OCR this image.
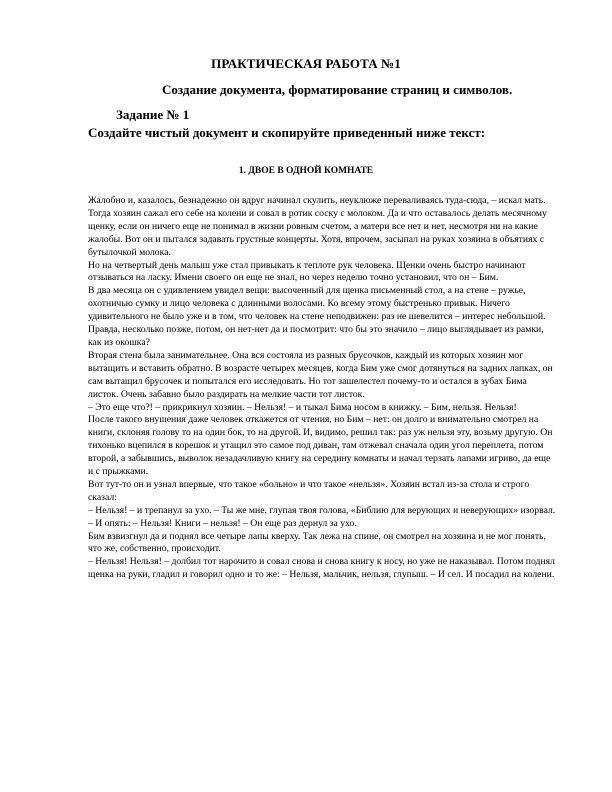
ПРАКТИЧЕСКАЯ РАБОТА №1
Создание документа, форматирование страниц и символов.
Задание № 1
Создайте чистый документ и скопируйте приведенный ниже текст:
1. ДВОЕ В ОДНОЙ КОМНАТЕ

Жалобно и, казалось, безнадежно он вдруг начинал скулить, неуклюже переваливаясь туда-сюда, – искал мать. Тогда хозяин сажал его себе на колени и совал в ротик соску с молоком. Да и что оставалось делать месячному щенку, если он ничего еще не понимал в жизни ровным счетом, а матери все нет и нет, несмотря ни на какие жалобы. Вот он и пытался задавать грустные концерты. Хотя, впрочем, засыпал на руках хозяина в объятиях с бутылочкой молока.

Но на четвертый день малыш уже стал привыкать к теплоте рук человека. Щенки очень быстро начинают отзываться на ласку. Имени своего он еще не знал, но через неделю точно установил, что он – Бим.

В два месяца он с удивлением увидел вещи: высоченный для щенка письменный стол, а на стене – ружье, охотничью сумку и лицо человека с длинными волосами. Ко всему этому быстренько привык. Ничего удивительного не было уже и в том, что человек на стене неподвижен: раз не шевелится – интерес небольшой. Правда, несколько позже, потом, он нет-нет да и посмотрит: что бы это значило – лицо выглядывает из рамки, как из окошка?

Вторая стена была занимательнее. Она вся состояла из разных брусочков, каждый из которых хозяин мог вытащить и вставить обратно. В возрасте четырех месяцев, когда Бим уже смог дотянуться на задних лапках, он сам вытащил брусочек и попытался его исследовать. Но тот зашелестел почему-то и остался в зубах Бима листок. Очень забавно было раздирать на мелкие части тот листок.

– Это еще что?! – прикрикнул хозяин. – Нельзя! – и тыкал Бима носом в книжку. – Бим, нельзя. Нельзя!

После такого внушения даже человек откажется от чтения, но Бим – нет: он долго и внимательно смотрел на книги, склоняя голову то на один бок, то на другой. И, видимо, решил так: раз уж нельзя эту, возьму другую. Он тихонько вцепился в корешок и утащил это самое под диван, там отжевал сначала один угол переплета, потом второй, а забывшись, выволок незадачливую книгу на середину комнаты и начал терзать лапами игриво, да еще и с прыжками.

Вот тут-то он и узнал впервые, что такое «больно» и что такое «нельзя». Хозяин встал из-за стола и строго сказал:

– Нельзя! – и трепанул за ухо. – Ты же мне, глупая твоя голова, «Библию для верующих и неверующих» изорвал. – И опять: – Нельзя! Книги – нельзя! – Он еще раз дернул за ухо.

Бим взвизгнул да и поднял все четыре лапы кверху. Так лежа на спине, он смотрел на хозяина и не мог понять, что же, собственно, происходит.

– Нельзя! Нельзя! – долбил тот нарочито и совал снова и снова книгу к носу, но уже не наказывал. Потом поднял щенка на руки, гладил и говорил одно и то же: – Нельзя, мальчик, нельзя, глупыш. – И сел. И посадил на колени.
